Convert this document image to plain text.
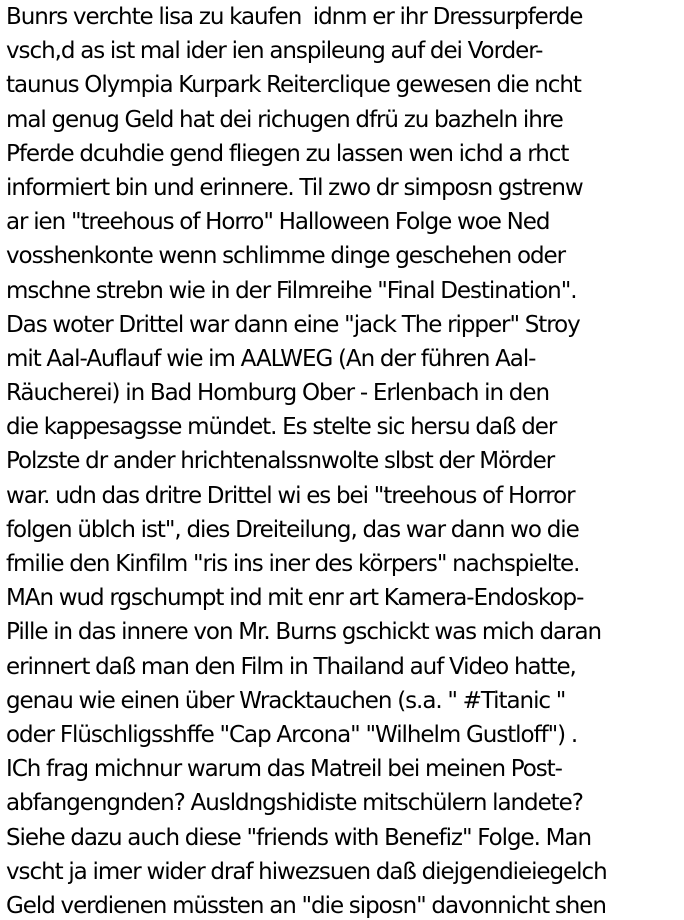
Bunrs verchte lisa zu kaufen  idnm er ihr Dressurpferde
vsch,d as ist mal ider ien anspileung auf dei Vorder-
taunus Olympia Kurpark Reiterclique gewesen die ncht
mal genug Geld hat dei richugen dfrü zu bazheln ihre
Pferde dcuhdie gend fliegen zu lassen wen ichd a rhct
informiert bin und erinnere. Til zwo dr simposn gstrenw
ar ien "treehous of Horro" Halloween Folge woe Ned
vosshenkonte wenn schlimme dinge geschehen oder
mschne strebn wie in der Filmreihe "Final Destination".
Das woter Drittel war dann eine "jack The ripper" Stroy
mit Aal-Auflauf wie im AALWEG (An der führen Aal-
Räucherei) in Bad Homburg Ober - Erlenbach in den
die kappesagsse mündet. Es stelte sic hersu daß der
Polzste dr ander hrichtenalssnwolte slbst der Mörder
war. udn das dritre Drittel wi es bei "treehous of Horror
folgen üblch ist", dies Dreiteilung, das war dann wo die
fmilie den Kinfilm "ris ins iner des körpers" nachspielte.
MAn wud rgschumpt ind mit enr art Kamera-Endoskop-
Pille in das innere von Mr. Burns gschickt was mich daran
erinnert daß man den Film in Thailand auf Video hatte,
genau wie einen über Wracktauchen (s.a. " #Titanic "
oder Flüschligsshffe "Cap Arcona" "Wilhelm Gustloff") .
ICh frag michnur warum das Matreil bei meinen Post-
abfangengnden? Ausldngshidiste mitschülern landete?
Siehe dazu auch diese "friends with Benefiz" Folge. Man
vscht ja imer wider draf hiwezsuen daß diejgendieiegelch
Geld verdienen müssten an "die siposn" davonnicht shen
